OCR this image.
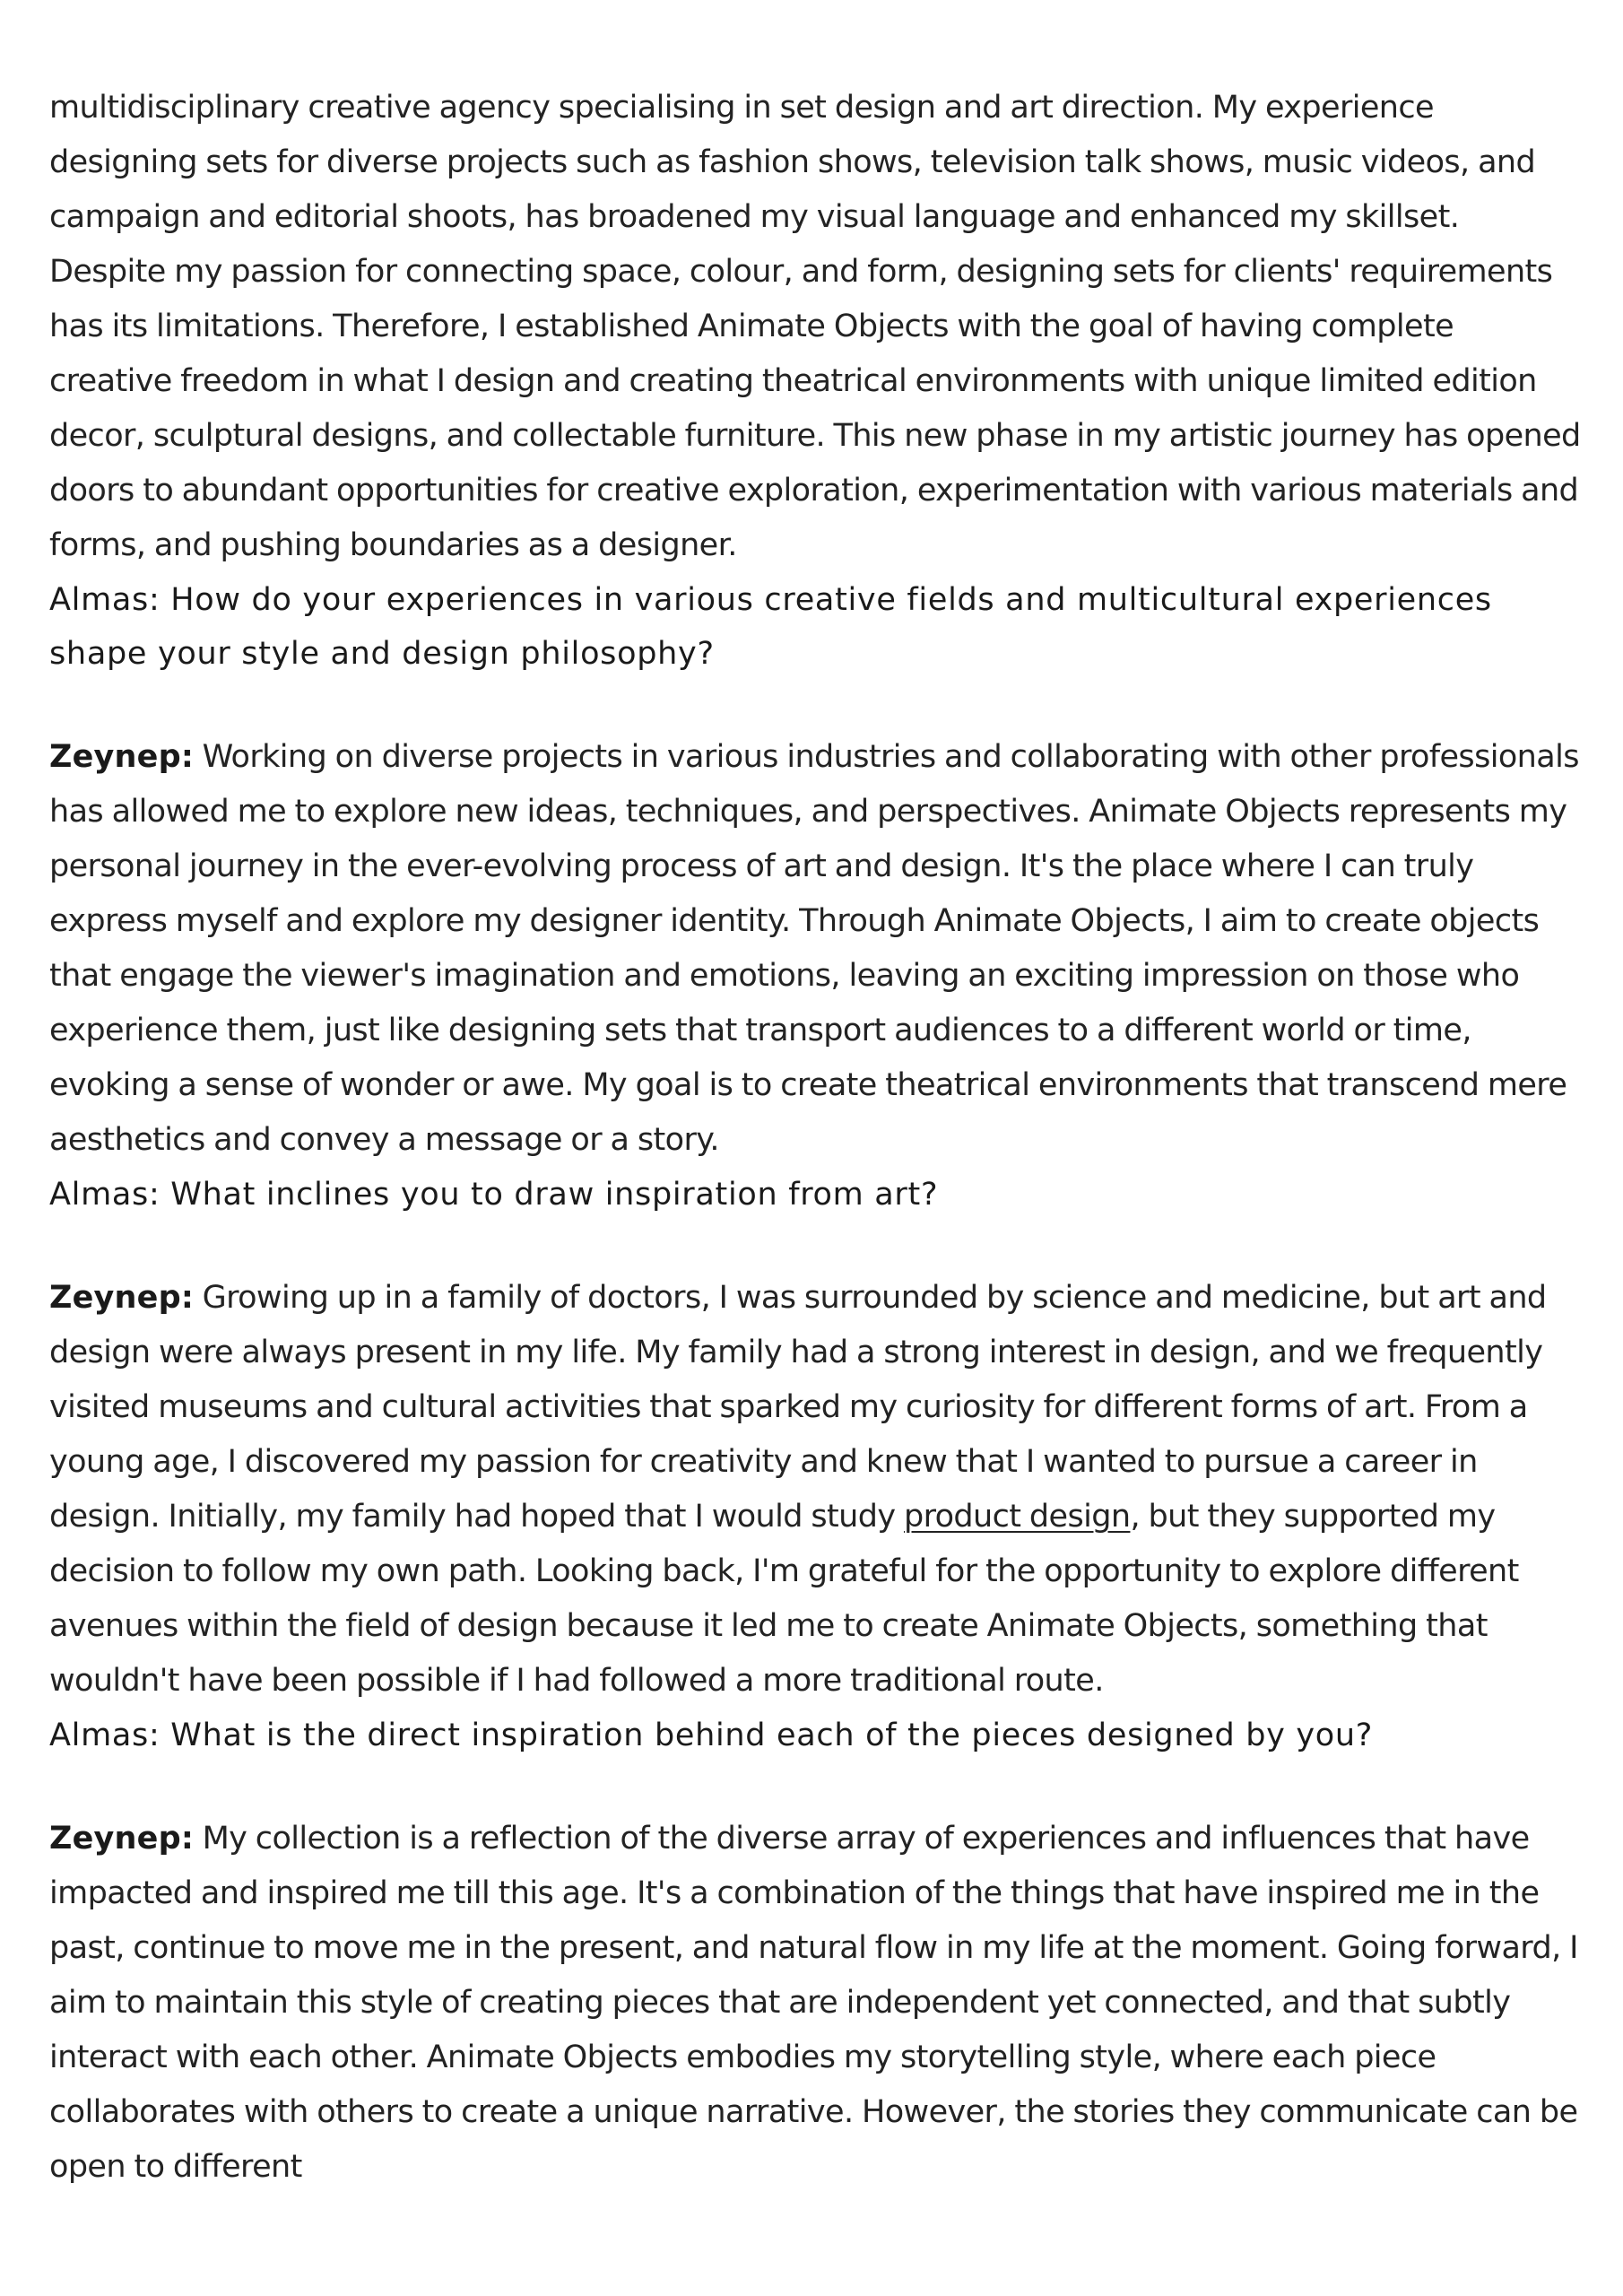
multidisciplinary creative agency specialising in set design and art direction. My experience designing sets for diverse projects such as fashion shows, television talk shows, music videos, and campaign and editorial shoots, has broadened my visual language and enhanced my skillset. Despite my passion for connecting space, colour, and form, designing sets for clients' requirements has its limitations. Therefore, I established Animate Objects with the goal of having complete creative freedom in what I design and creating theatrical environments with unique limited edition decor, sculptural designs, and collectable furniture. This new phase in my artistic journey has opened doors to abundant opportunities for creative exploration, experimentation with various materials and forms, and pushing boundaries as a designer.

Almas: How do your experiences in various creative fields and multicultural experiences shape your style and design philosophy?

Zeynep: Working on diverse projects in various industries and collaborating with other professionals has allowed me to explore new ideas, techniques, and perspectives. Animate Objects represents my personal journey in the ever-evolving process of art and design. It's the place where I can truly express myself and explore my designer identity. Through Animate Objects, I aim to create objects that engage the viewer's imagination and emotions, leaving an exciting impression on those who experience them, just like designing sets that transport audiences to a different world or time, evoking a sense of wonder or awe. My goal is to create theatrical environments that transcend mere aesthetics and convey a message or a story.

Almas: What inclines you to draw inspiration from art?

Zeynep: Growing up in a family of doctors, I was surrounded by science and medicine, but art and design were always present in my life. My family had a strong interest in design, and we frequently visited museums and cultural activities that sparked my curiosity for different forms of art. From a young age, I discovered my passion for creativity and knew that I wanted to pursue a career in design. Initially, my family had hoped that I would study product design, but they supported my decision to follow my own path. Looking back, I'm grateful for the opportunity to explore different avenues within the field of design because it led me to create Animate Objects, something that wouldn't have been possible if I had followed a more traditional route.

Almas: What is the direct inspiration behind each of the pieces designed by you?

Zeynep: My collection is a reflection of the diverse array of experiences and influences that have impacted and inspired me till this age. It's a combination of the things that have inspired me in the past, continue to move me in the present, and natural flow in my life at the moment. Going forward, I aim to maintain this style of creating pieces that are independent yet connected, and that subtly interact with each other. Animate Objects embodies my storytelling style, where each piece collaborates with others to create a unique narrative. However, the stories they communicate can be open to different
